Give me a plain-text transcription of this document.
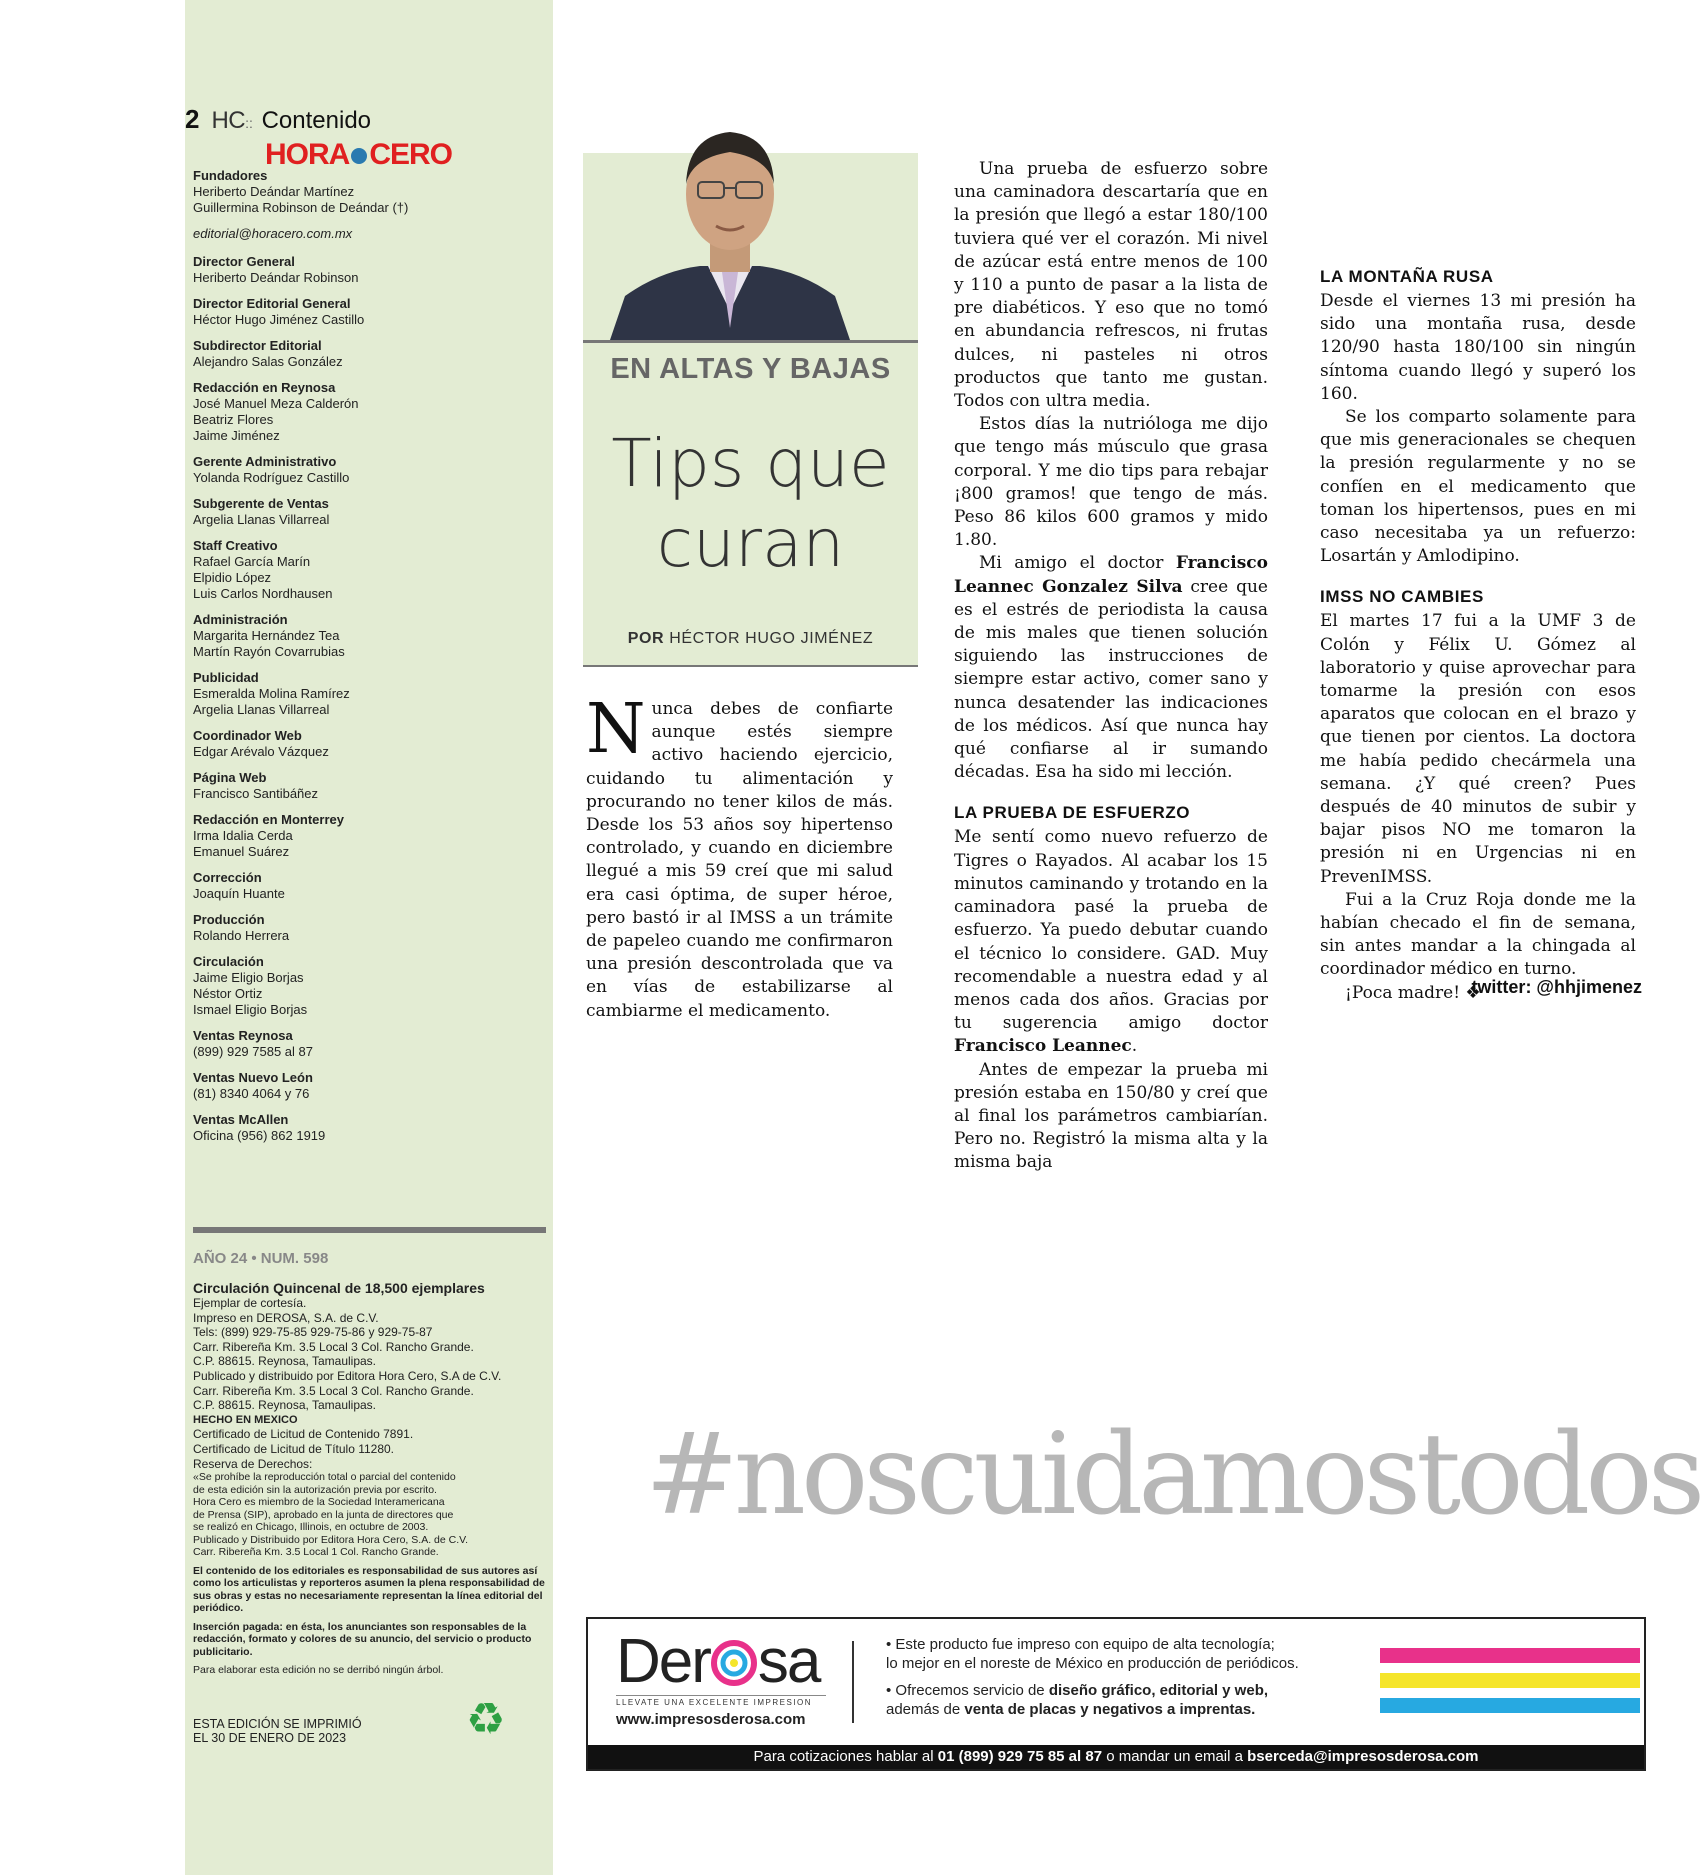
2 HC:: Contenido
HORA CERO
Fundadores
Heriberto Deándar Martínez
Guillermina Robinson de Deándar (†)
editorial@horacero.com.mx
Director General
Heriberto Deándar Robinson
Director Editorial General
Héctor Hugo Jiménez Castillo
Subdirector Editorial
Alejandro Salas González
Redacción en Reynosa
José Manuel Meza Calderón
Beatriz Flores
Jaime Jiménez
Gerente Administrativo
Yolanda Rodríguez Castillo
Subgerente de Ventas
Argelia Llanas Villarreal
Staff Creativo
Rafael García Marín
Elpidio López
Luis Carlos Nordhausen
Administración
Margarita Hernández Tea
Martín Rayón Covarrubias
Publicidad
Esmeralda Molina Ramírez
Argelia Llanas Villarreal
Coordinador Web
Edgar Arévalo Vázquez
Página Web
Francisco Santibáñez
Redacción en Monterrey
Irma Idalia Cerda
Emanuel Suárez
Corrección
Joaquín Huante
Producción
Rolando Herrera
Circulación
Jaime Eligio Borjas
Néstor Ortiz
Ismael Eligio Borjas
Ventas Reynosa
(899) 929 7585 al 87
Ventas Nuevo León
(81) 8340 4064 y 76
Ventas McAllen
Oficina (956) 862 1919
AÑO 24 • NUM. 598
Circulación Quincenal de 18,500 ejemplares
Ejemplar de cortesía.
Impreso en DEROSA, S.A. de C.V.
Tels: (899) 929-75-85 929-75-86 y 929-75-87
Carr. Ribereña Km. 3.5 Local 3 Col. Rancho Grande.
C.P. 88615. Reynosa, Tamaulipas.
Publicado y distribuido por Editora Hora Cero, S.A de C.V.
Carr. Ribereña Km. 3.5 Local 3 Col. Rancho Grande.
C.P. 88615. Reynosa, Tamaulipas.
HECHO EN MEXICO
Certificado de Licitud de Contenido 7891.
Certificado de Licitud de Título 11280.
Reserva de Derechos:
«Se prohíbe la reproducción total o parcial del contenido
de esta edición sin la autorización previa por escrito.
Hora Cero es miembro de la Sociedad Interamericana
de Prensa (SIP), aprobado en la junta de directores que
se realizó en Chicago, Illinois, en octubre de 2003.
Publicado y Distribuido por Editora Hora Cero, S.A. de C.V.
Carr. Ribereña Km. 3.5 Local 1 Col. Rancho Grande.
El contenido de los editoriales es responsabilidad de sus autores así como los articulistas y reporteros asumen la plena responsabilidad de sus obras y estas no necesariamente representan la línea editorial del periódico.
Inserción pagada: en ésta, los anunciantes son responsables de la redacción, formato y colores de su anuncio, del servicio o producto publicitario.
Para elaborar esta edición no se derribó ningún árbol.
ESTA EDICIÓN SE IMPRIMIÓ
EL 30 DE ENERO DE 2023	♻
EN ALTAS Y BAJAS
Tips que
curan
POR HÉCTOR HUGO JIMÉNEZ

Nunca debes de confiarte aunque estés siempre activo haciendo ejercicio, cuidando tu alimentación y procurando no tener kilos de más. Desde los 53 años soy hipertenso controlado, y cuando en diciembre llegué a mis 59 creí que mi salud era casi óptima, de super héroe, pero bastó ir al IMSS a un trámite de papeleo cuando me confirmaron una presión descontrolada que va en vías de estabilizarse al cambiarme el medicamento.

Una prueba de esfuerzo sobre una caminadora descartaría que en la presión que llegó a estar 180/100 tuviera qué ver el corazón. Mi nivel de azúcar está entre menos de 100 y 110 a punto de pasar a la lista de pre diabéticos. Y eso que no tomó en abundancia refrescos, ni frutas dulces, ni pasteles ni otros productos que tanto me gustan. Todos con ultra media.

Estos días la nutrióloga me dijo que tengo más músculo que grasa corporal. Y me dio tips para rebajar ¡800 gramos! que tengo de más. Peso 86 kilos 600 gramos y mido 1.80.

Mi amigo el doctor Francisco Leannec Gonzalez Silva cree que es el estrés de periodista la causa de mis males que tienen solución siguiendo las instrucciones de siempre estar activo, comer sano y nunca desatender las indicaciones de los médicos. Así que nunca hay qué confiarse al ir sumando décadas. Esa ha sido mi lección.

LA PRUEBA DE ESFUERZO

Me sentí como nuevo refuerzo de Tigres o Rayados. Al acabar los 15 minutos caminando y trotando en la caminadora pasé la prueba de esfuerzo. Ya puedo debutar cuando el técnico lo considere. GAD. Muy recomendable a nuestra edad y al menos cada dos años. Gracias por tu sugerencia amigo doctor Francisco Leannec.

Antes de empezar la prueba mi presión estaba en 150/80 y creí que al final los parámetros cambiarían. Pero no. Registró la misma alta y la misma baja

LA MONTAÑA RUSA

Desde el viernes 13 mi presión ha sido una montaña rusa, desde 120/90 hasta 180/100 sin ningún síntoma cuando llegó y superó los 160.

Se los comparto solamente para que mis generacionales se chequen la presión regularmente y no se confíen en el medicamento que toman los hipertensos, pues en mi caso necesitaba ya un refuerzo: Losartán y Amlodipino.

IMSS NO CAMBIES

El martes 17 fui a la UMF 3 de Colón y Félix U. Gómez al laboratorio y quise aprovechar para tomarme la presión con esos aparatos que colocan en el brazo y que tienen por cientos. La doctora me había pedido checármela una semana. ¿Y qué creen? Pues después de 40 minutos de subir y bajar pisos NO me tomaron la presión ni en Urgencias ni en PrevenIMSS.

Fui a la Cruz Roja donde me la habían checado el fin de semana, sin antes mandar a la chingada al coordinador médico en turno.

¡Poca madre! ❖

twitter: @hhjimenez
#noscuidamostodos
Der sa
LLEVATE UNA EXCELENTE IMPRESION
www.impresosderosa.com
• Este producto fue impreso con equipo de alta tecnología;
lo mejor en el noreste de México en producción de periódicos.
• Ofrecemos servicio de diseño gráfico, editorial y web,
además de venta de placas y negativos a imprentas.
Para cotizaciones hablar al 01 (899) 929 75 85 al 87 o mandar un email a bserceda@impresosderosa.com
